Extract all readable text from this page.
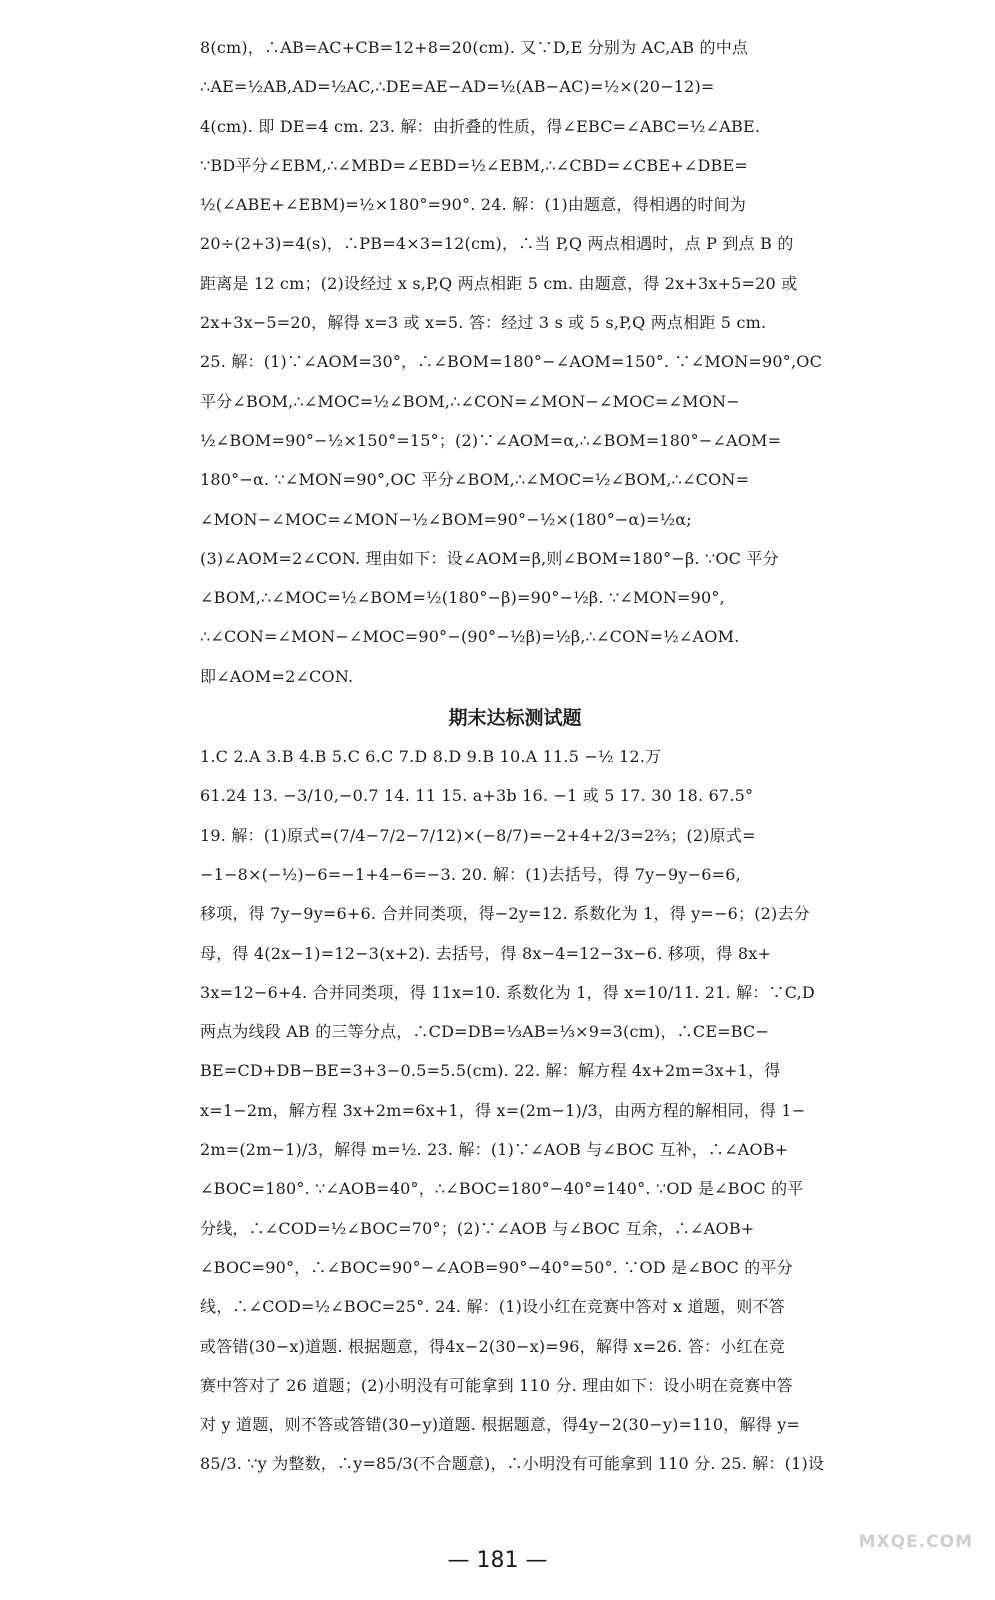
8(cm)，∴AB=AC+CB=12+8=20(cm). 又∵D,E 分别为 AC,AB 的中点
∴AE=½AB,AD=½AC,∴DE=AE−AD=½(AB−AC)=½×(20−12)=
4(cm). 即 DE=4 cm. 23. 解：由折叠的性质，得∠EBC=∠ABC=½∠ABE.
∵BD平分∠EBM,∴∠MBD=∠EBD=½∠EBM,∴∠CBD=∠CBE+∠DBE=
½(∠ABE+∠EBM)=½×180°=90°. 24. 解：(1)由题意，得相遇的时间为
20÷(2+3)=4(s)，∴PB=4×3=12(cm)，∴当 P,Q 两点相遇时，点 P 到点 B 的
距离是 12 cm；(2)设经过 x s,P,Q 两点相距 5 cm. 由题意，得 2x+3x+5=20 或
2x+3x−5=20，解得 x=3 或 x=5. 答：经过 3 s 或 5 s,P,Q 两点相距 5 cm.
25. 解：(1)∵∠AOM=30°，∴∠BOM=180°−∠AOM=150°. ∵∠MON=90°,OC
平分∠BOM,∴∠MOC=½∠BOM,∴∠CON=∠MON−∠MOC=∠MON−
½∠BOM=90°−½×150°=15°；(2)∵∠AOM=α,∴∠BOM=180°−∠AOM=
180°−α. ∵∠MON=90°,OC 平分∠BOM,∴∠MOC=½∠BOM,∴∠CON=
∠MON−∠MOC=∠MON−½∠BOM=90°−½×(180°−α)=½α;
(3)∠AOM=2∠CON. 理由如下：设∠AOM=β,则∠BOM=180°−β. ∵OC 平分
∠BOM,∴∠MOC=½∠BOM=½(180°−β)=90°−½β. ∵∠MON=90°,
∴∠CON=∠MON−∠MOC=90°−(90°−½β)=½β,∴∠CON=½∠AOM.
即∠AOM=2∠CON.
期末达标测试题
1.C 2.A 3.B 4.B 5.C 6.C 7.D 8.D 9.B 10.A 11.5 −½ 12.万
61.24 13. −3/10,−0.7 14. 11 15. a+3b 16. −1 或 5 17. 30 18. 67.5°
19. 解：(1)原式=(7/4−7/2−7/12)×(−8/7)=−2+4+2/3=2⅔；(2)原式=
−1−8×(−½)−6=−1+4−6=−3. 20. 解：(1)去括号，得 7y−9y−6=6,
移项，得 7y−9y=6+6. 合并同类项，得−2y=12. 系数化为 1，得 y=−6；(2)去分
母，得 4(2x−1)=12−3(x+2). 去括号，得 8x−4=12−3x−6. 移项，得 8x+
3x=12−6+4. 合并同类项，得 11x=10. 系数化为 1，得 x=10/11. 21. 解：∵C,D
两点为线段 AB 的三等分点，∴CD=DB=⅓AB=⅓×9=3(cm)，∴CE=BC−
BE=CD+DB−BE=3+3−0.5=5.5(cm). 22. 解：解方程 4x+2m=3x+1，得
x=1−2m，解方程 3x+2m=6x+1，得 x=(2m−1)/3，由两方程的解相同，得 1−
2m=(2m−1)/3，解得 m=½. 23. 解：(1)∵∠AOB 与∠BOC 互补，∴∠AOB+
∠BOC=180°. ∵∠AOB=40°，∴∠BOC=180°−40°=140°. ∵OD 是∠BOC 的平
分线，∴∠COD=½∠BOC=70°；(2)∵∠AOB 与∠BOC 互余，∴∠AOB+
∠BOC=90°，∴∠BOC=90°−∠AOB=90°−40°=50°. ∵OD 是∠BOC 的平分
线，∴∠COD=½∠BOC=25°. 24. 解：(1)设小红在竞赛中答对 x 道题，则不答
或答错(30−x)道题. 根据题意，得4x−2(30−x)=96，解得 x=26. 答：小红在竞
赛中答对了 26 道题；(2)小明没有可能拿到 110 分. 理由如下：设小明在竞赛中答
对 y 道题，则不答或答错(30−y)道题. 根据题意，得4y−2(30−y)=110，解得 y=
85/3. ∵y 为整数，∴y=85/3(不合题意)，∴小明没有可能拿到 110 分. 25. 解：(1)设
— 181 —
MXQE.COM
